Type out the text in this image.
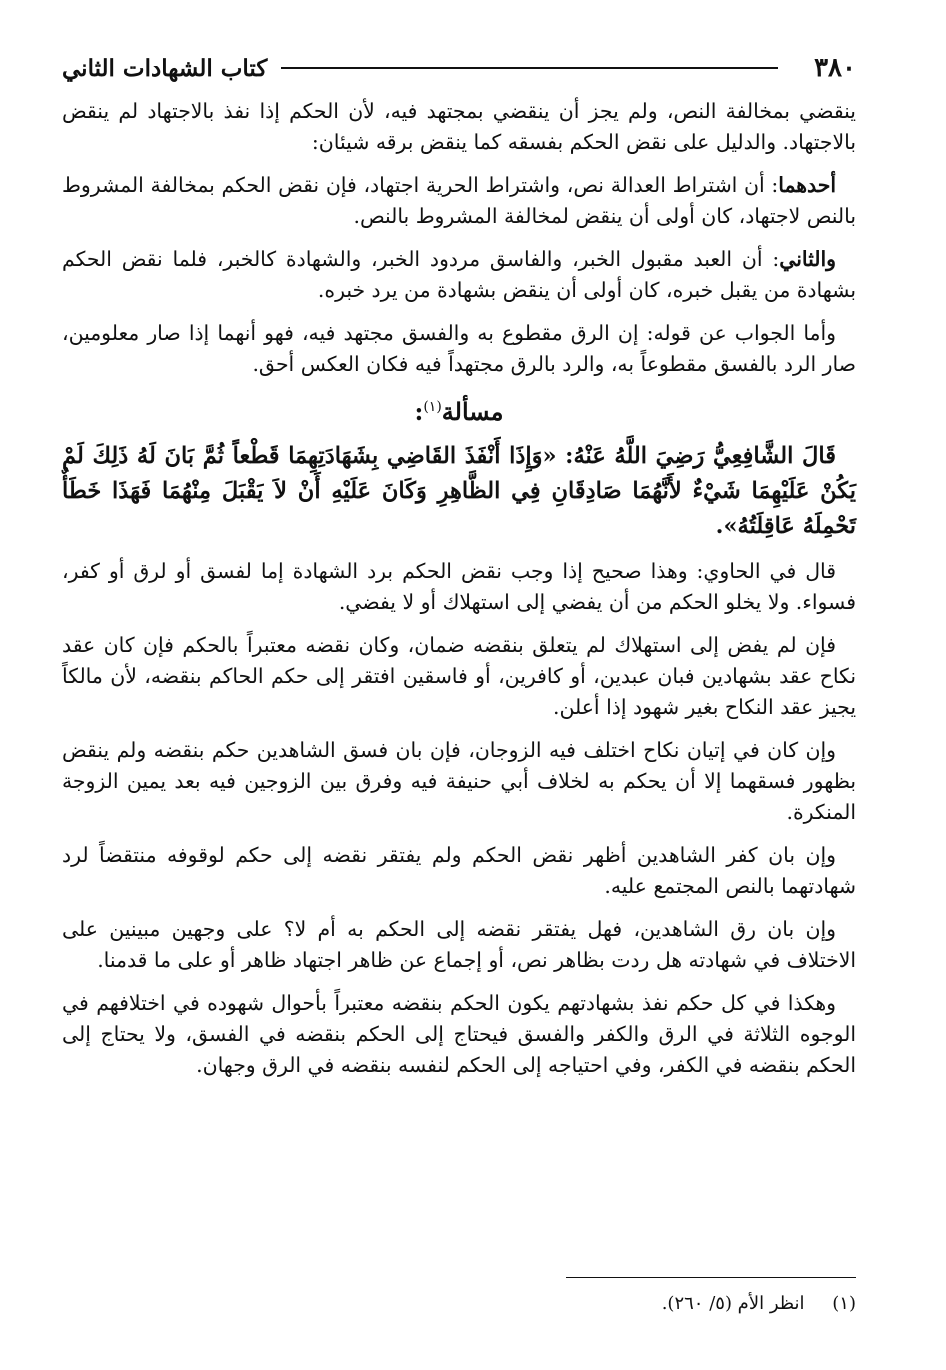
٣٨٠
كتاب الشهادات الثاني

ينقضي بمخالفة النص، ولم يجز أن ينقضي بمجتهد فيه، لأن الحكم إذا نفذ بالاجتهاد لم ينقض بالاجتهاد. والدليل على نقض الحكم بفسقه كما ينقض برقه شيئان:

أحدهما: أن اشتراط العدالة نص، واشتراط الحرية اجتهاد، فإن نقض الحكم بمخالفة المشروط بالنص لاجتهاد، كان أولى أن ينقض لمخالفة المشروط بالنص.

والثاني: أن العبد مقبول الخبر، والفاسق مردود الخبر، والشهادة كالخبر، فلما نقض الحكم بشهادة من يقبل خبره، كان أولى أن ينقض بشهادة من يرد خبره.

وأما الجواب عن قوله: إن الرق مقطوع به والفسق مجتهد فيه، فهو أنهما إذا صار معلومين، صار الرد بالفسق مقطوعاً به، والرد بالرق مجتهداً فيه فكان العكس أحق.

مسألة$^{(١)}$:

قَالَ الشَّافِعِيُّ رَضِيَ اللَّهُ عَنْهُ: «وَإِذَا أَنْفَذَ القَاضِي بِشَهَادَتِهِمَا قَطْعاً ثُمَّ بَانَ لَهُ ذَلِكَ لَمْ يَكُنْ عَلَيْهِمَا شَيْءٌ لأَنَّهُمَا صَادِقَانِ فِي الظَّاهِرِ وَكَانَ عَلَيْهِ أَنْ لاَ يَقْبَلَ مِنْهُمَا فَهَذَا خَطَأٌ تَحْمِلَهُ عَاقِلَتُهُ».

قال في الحاوي: وهذا صحيح إذا وجب نقض الحكم برد الشهادة إما لفسق أو لرق أو كفر، فسواء. ولا يخلو الحكم من أن يفضي إلى استهلاك أو لا يفضي.

فإن لم يفض إلى استهلاك لم يتعلق بنقضه ضمان، وكان نقضه معتبراً بالحكم فإن كان عقد نكاح عقد بشهادين فبان عبدين، أو كافرين، أو فاسقين افتقر إلى حكم الحاكم بنقضه، لأن مالكاً يجيز عقد النكاح بغير شهود إذا أعلن.

وإن كان في إتيان نكاح اختلف فيه الزوجان، فإن بان فسق الشاهدين حكم بنقضه ولم ينقض بظهور فسقهما إلا أن يحكم به لخلاف أبي حنيفة فيه وفرق بين الزوجين فيه بعد يمين الزوجة المنكرة.

وإن بان كفر الشاهدين أظهر نقض الحكم ولم يفتقر نقضه إلى حكم لوقوفه منتقضاً لرد شهادتهما بالنص المجتمع عليه.

وإن بان رق الشاهدين، فهل يفتقر نقضه إلى الحكم به أم لا؟ على وجهين مبينين على الاختلاف في شهادته هل ردت بظاهر نص، أو إجماع عن ظاهر اجتهاد ظاهر أو على ما قدمنا.

وهكذا في كل حكم نفذ بشهادتهم يكون الحكم بنقضه معتبراً بأحوال شهوده في اختلافهم في الوجوه الثلاثة في الرق والكفر والفسق فيحتاج إلى الحكم بنقضه في الفسق، ولا يحتاج إلى الحكم بنقضه في الكفر، وفي احتياجه إلى الحكم لنفسه بنقضه في الرق وجهان.

(١) انظر الأم (٥/ ٢٦٠).
